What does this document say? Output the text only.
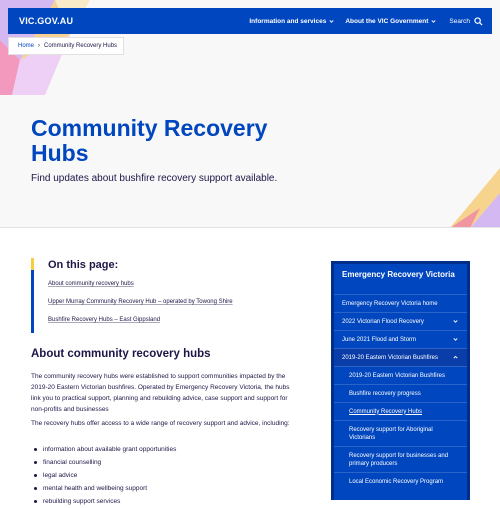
VIC.GOV.AU	Information and services	About the VIC Government	Search
Home › Community Recovery Hubs
Community Recovery Hubs

Find updates about bushfire recovery support available.

On this page:
About community recovery hubs
Upper Murray Community Recovery Hub – operated by Towong Shire
Bushfire Recovery Hubs – East Gippsland
About community recovery hubs

The community recovery hubs were established to support communities impacted by the 2019-20 Eastern Victorian bushfires. Operated by Emergency Recovery Victoria, the hubs link you to practical support, planning and rebuilding advice, case support and support for non-profits and businesses

The recovery hubs offer access to a wide range of recovery support and advice, including:

information about available grant opportunities
financial counselling
legal advice
mental health and wellbeing support
rebuilding support services
Emergency Recovery Victoria
Emergency Recovery Victoria home
2022 Victorian Flood Recovery
June 2021 Flood and Storm
2019-20 Eastern Victorian Bushfires
2019-20 Eastern Victorian Bushfires
Bushfire recovery progress
Community Recovery Hubs
Recovery support for Aboriginal Victorians
Recovery support for businesses and primary producers
Local Economic Recovery Program
